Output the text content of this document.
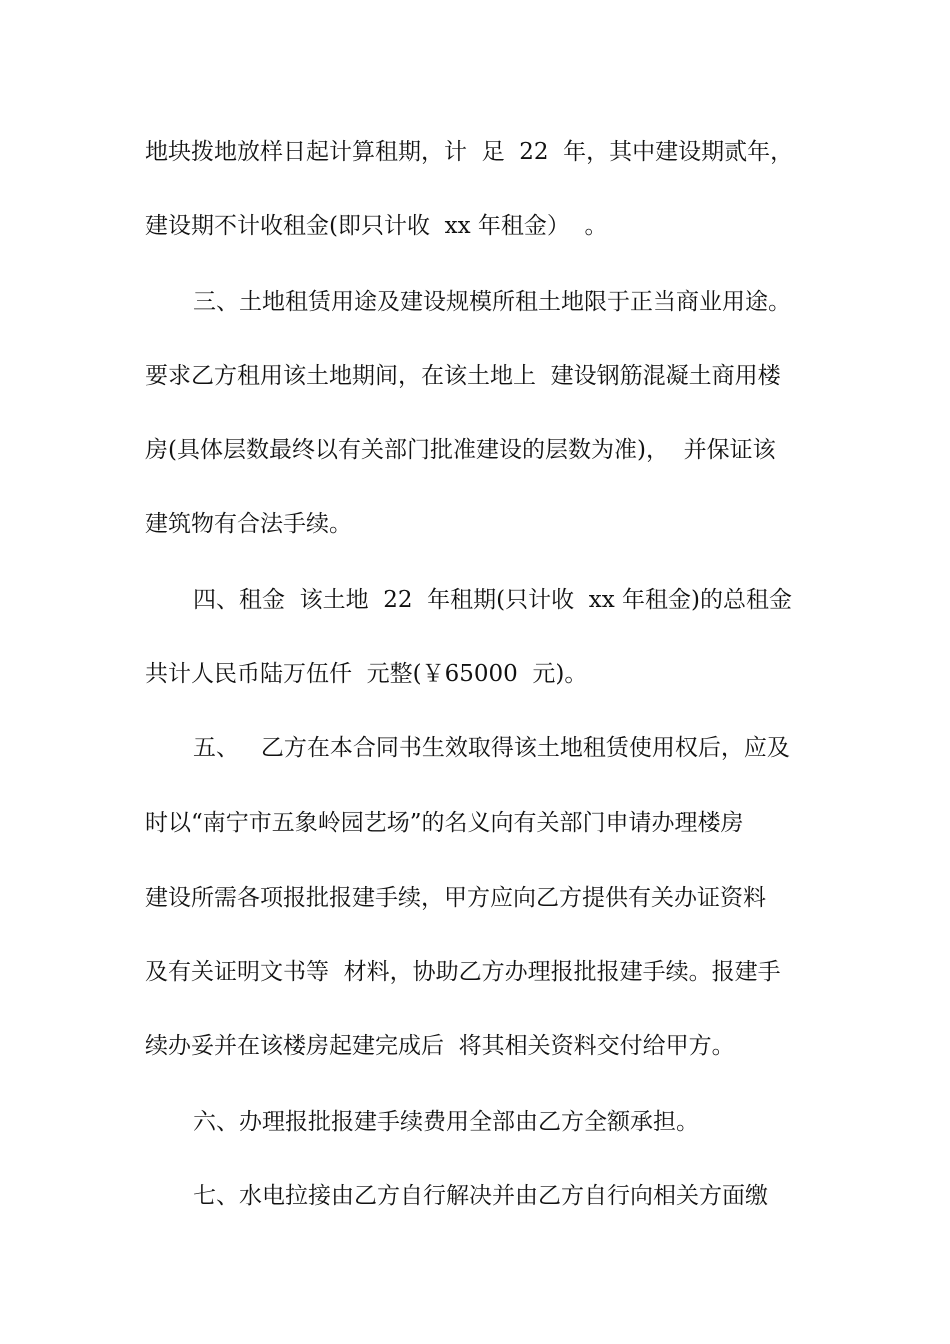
地块拨地放样日起计算租期，计  足  22  年，其中建设期贰年，
建设期不计收租金(即只计收  xx 年租金）  。
三、土地租赁用途及建设规模所租土地限于正当商业用途。
要求乙方租用该土地期间，在该土地上  建设钢筋混凝土商用楼
房(具体层数最终以有关部门批准建设的层数为准)，  并保证该
建筑物有合法手续。
四、租金  该土地  22  年租期(只计收  xx 年租金)的总租金
共计人民币陆万伍仟  元整(￥65000  元)。
五、   乙方在本合同书生效取得该土地租赁使用权后，应及
时以“南宁市五象岭园艺场”的名义向有关部门申请办理楼房
建设所需各项报批报建手续，甲方应向乙方提供有关办证资料
及有关证明文书等  材料，协助乙方办理报批报建手续。报建手
续办妥并在该楼房起建完成后  将其相关资料交付给甲方。
六、办理报批报建手续费用全部由乙方全额承担。
七、水电拉接由乙方自行解决并由乙方自行向相关方面缴
